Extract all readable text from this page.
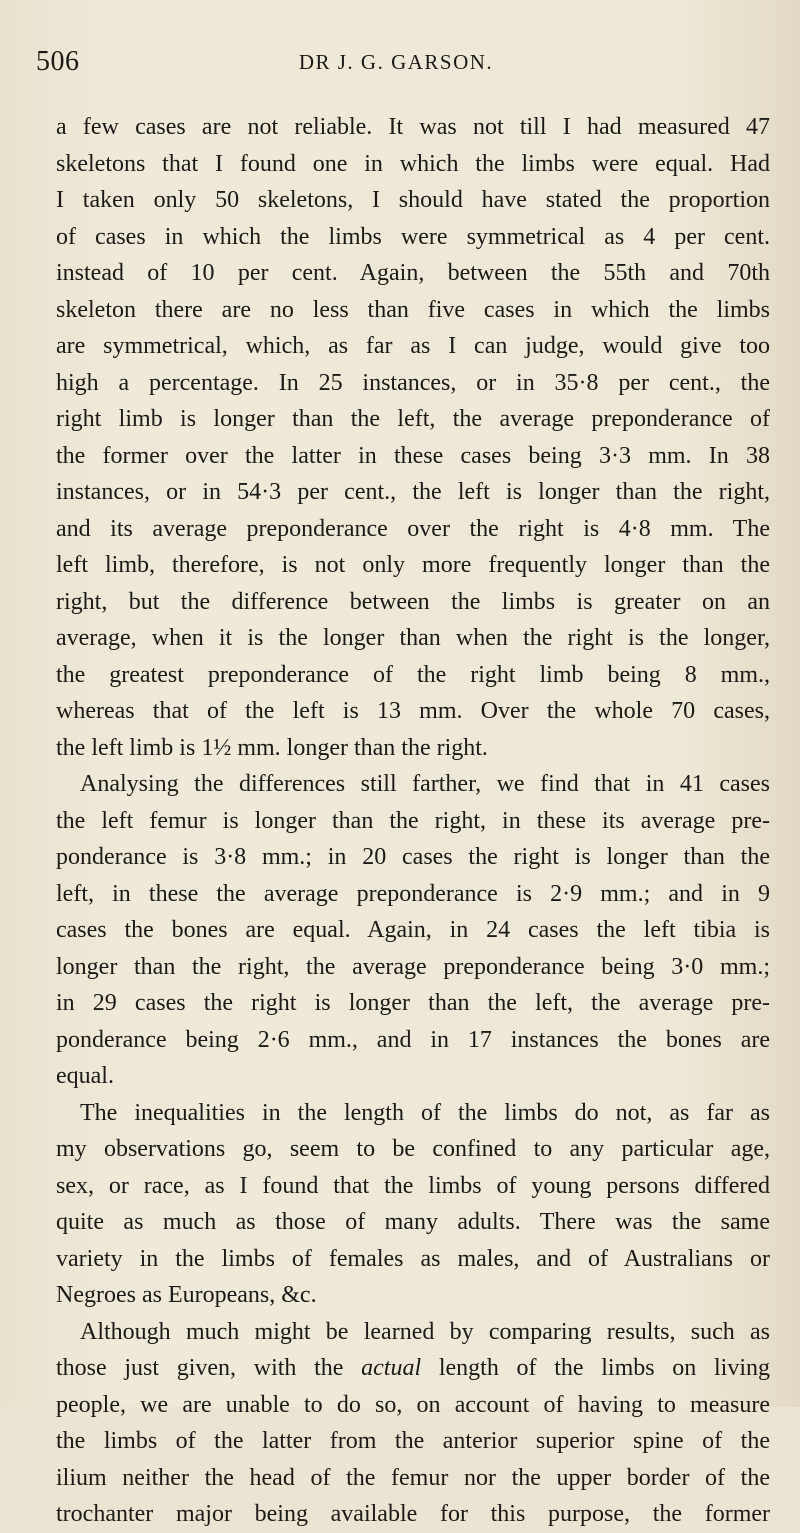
506	DR J. G. GARSON.
a few cases are not reliable. It was not till I had measured 47
skeletons that I found one in which the limbs were equal. Had
I taken only 50 skeletons, I should have stated the proportion
of cases in which the limbs were symmetrical as 4 per cent.
instead of 10 per cent. Again, between the 55th and 70th
skeleton there are no less than five cases in which the limbs
are symmetrical, which, as far as I can judge, would give too
high a percentage. In 25 instances, or in 35·8 per cent., the
right limb is longer than the left, the average preponderance of
the former over the latter in these cases being 3·3 mm. In 38
instances, or in 54·3 per cent., the left is longer than the right,
and its average preponderance over the right is 4·8 mm. The
left limb, therefore, is not only more frequently longer than the
right, but the difference between the limbs is greater on an
average, when it is the longer than when the right is the longer,
the greatest preponderance of the right limb being 8 mm.,
whereas that of the left is 13 mm. Over the whole 70 cases,
the left limb is 1½ mm. longer than the right.
Analysing the differences still farther, we find that in 41 cases
the left femur is longer than the right, in these its average pre-
ponderance is 3·8 mm.; in 20 cases the right is longer than the
left, in these the average preponderance is 2·9 mm.; and in 9
cases the bones are equal. Again, in 24 cases the left tibia is
longer than the right, the average preponderance being 3·0 mm.;
in 29 cases the right is longer than the left, the average pre-
ponderance being 2·6 mm., and in 17 instances the bones are
equal.
The inequalities in the length of the limbs do not, as far as
my observations go, seem to be confined to any particular age,
sex, or race, as I found that the limbs of young persons differed
quite as much as those of many adults. There was the same
variety in the limbs of females as males, and of Australians or
Negroes as Europeans, &c.
Although much might be learned by comparing results, such as
those just given, with the actual length of the limbs on living
people, we are unable to do so, on account of having to measure
the limbs of the latter from the anterior superior spine of the
ilium neither the head of the femur nor the upper border of the
trochanter major being available for this purpose, the former
